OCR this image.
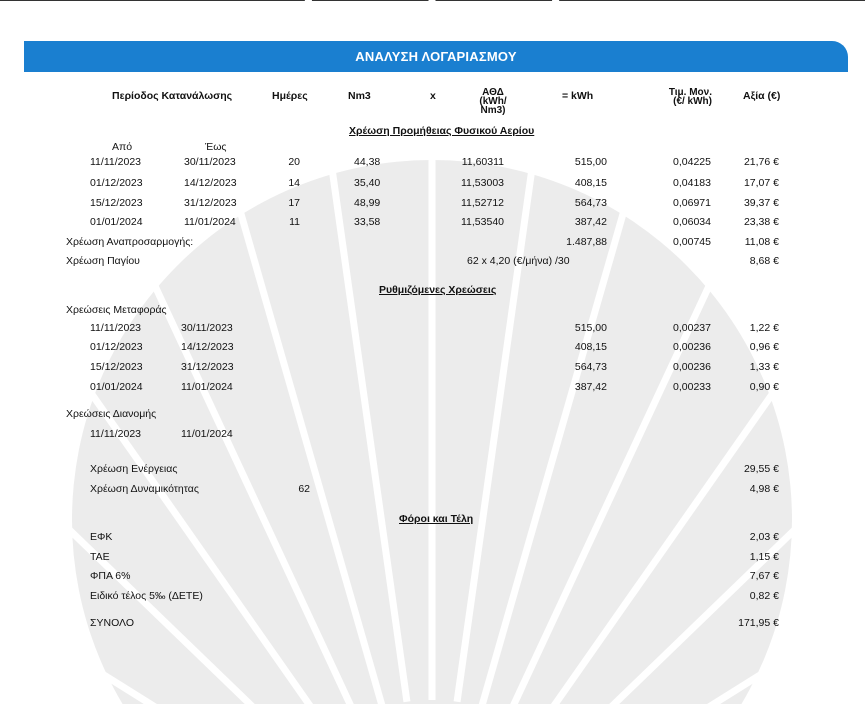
ΑΝΑΛΥΣΗ ΛΟΓΑΡΙΑΣΜΟΥ
Περίοδος Κατανάλωσης	Ημέρες	Nm3	x	ΑΘΔ (kWh/ Nm3)
= kWh	Τιμ. Μον. (€/ kWh)	Αξία (€)
Χρέωση Προμήθειας Φυσικού Αερίου
Από	Έως
11/11/2023	30/11/2023	20	44,38	11,60311	515,00	0,04225	21,76 €
01/12/2023	14/12/2023	14	35,40	11,53003	408,15	0,04183	17,07 €
15/12/2023	31/12/2023	17	48,99	11,52712	564,73	0,06971	39,37 €
01/01/2024	11/01/2024	11	33,58	11,53540	387,42	0,06034	23,38 €
Χρέωση Αναπροσαρμογής:	1.487,88	0,00745	11,08 €
Χρέωση Παγίου	62 x 4,20 (€/μήνα) /30	8,68 €
Ρυθμιζόμενες Χρεώσεις
Χρεώσεις Μεταφοράς
11/11/2023	30/11/2023	515,00	0,00237	1,22 €
01/12/2023	14/12/2023	408,15	0,00236	0,96 €
15/12/2023	31/12/2023	564,73	0,00236	1,33 €
01/01/2024	11/01/2024	387,42	0,00233	0,90 €
Χρεώσεις Διανομής
11/11/2023	11/01/2024
Χρέωση Ενέργειας	29,55 €
Χρέωση Δυναμικότητας	62	4,98 €
Φόροι και Τέλη
ΕΦΚ	2,03 €
ΤΑΕ	1,15 €
ΦΠΑ 6%	7,67 €
Ειδικό τέλος 5‰ (ΔΕΤΕ)	0,82 €
ΣΥΝΟΛΟ	171,95 €
